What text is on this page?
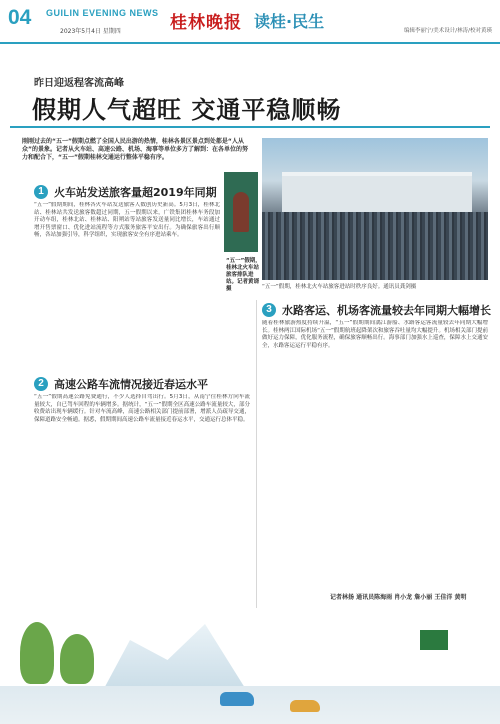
04 GUILIN EVENING NEWS
2023年5月4日 星期四	桂林晚报 读桂·民生	编辑李丽宁/美术设计/林涛/校对黄瑛
昨日迎返程客流高峰
假期人气超旺 交通平稳顺畅
刚刚过去的“五一”假期点燃了全国人民出游的热情，桂林各景区景点到处都是“人从众”的景象。记者从火车站、高速公路、机场、海事等单位多方了解到：在各单位的努力和配合下，“五一”假期桂林交通运行整体平稳有序。
“五一”假期，桂林北火车站旅客排队进站。记者黄谞摄	“五一”假期，桂林北火车站旅客进站时秩序良好。通讯员龚剑摄
1 火车站发送旅客量超2019年同期
“五一”假期期间，桂林各火车站发送旅客人数创历史新高。5月3日，桂林北站、桂林站共发送旅客数超过同期，五一假期以来，广铁集团桂林车务段加开动车组，桂林北站、桂林站、阳朔站等站旅客发送量同比增长，车站通过增开售票窗口、优化进站流程等方式服务旅客平安出行。为确保旅客出行顺畅，各站加强引导，科学组织，实现旅客安全有序进站乘车。
2 高速公路车流情况接近春运水平
“五一”假期高速公路免费通行，不少人选择自驾出行。5月3日，从南宁往桂林方向车流量较大，自已驾车回程的车辆增多。据统计，“五一”假期全区高速公路车流量较大，部分收费站出现车辆缓行。针对车流高峰，高速公路相关部门提前部署，增派人员疏导交通，保障道路安全畅通。据悉，假期期间高速公路车流量接近春运水平，交通运行总体平稳。
3 水路客运、机场客流量较去年同期大幅增长
随着桂林旅游热度持续升温，“五一”假期期间漓江游船、水路客运客流量较去年同期大幅增长。桂林两江国际机场“五一”假期航班起降架次和旅客吞吐量均大幅提升。机场相关部门提前做好运力保障，优化服务流程，确保旅客顺畅出行。海事部门加强水上巡查，保障水上交通安全，水路客运运行平稳有序。
记者林扬 通讯员陈海雨 肖小龙 詹小丽 王佳洋 黄明
